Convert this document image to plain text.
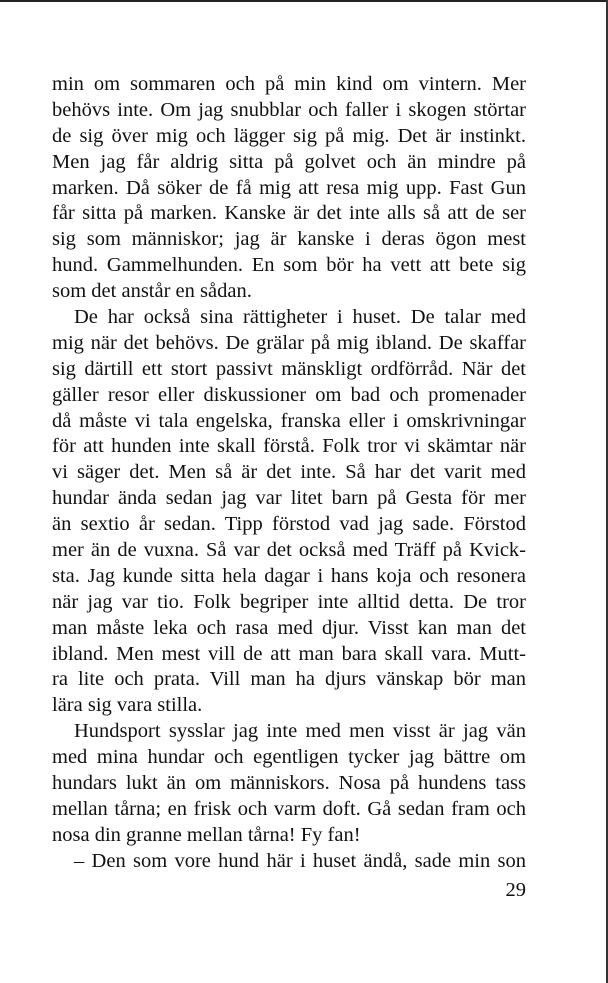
min om sommaren och på min kind om vintern. Mer
behövs inte. Om jag snubblar och faller i skogen störtar
de sig över mig och lägger sig på mig. Det är instinkt.
Men jag får aldrig sitta på golvet och än mindre på
marken. Då söker de få mig att resa mig upp. Fast Gun
får sitta på marken. Kanske är det inte alls så att de ser
sig som människor; jag är kanske i deras ögon mest
hund. Gammelhunden. En som bör ha vett att bete sig
som det anstår en sådan.
De har också sina rättigheter i huset. De talar med
mig när det behövs. De grälar på mig ibland. De skaffar
sig därtill ett stort passivt mänskligt ordförråd. När det
gäller resor eller diskussioner om bad och promenader
då måste vi tala engelska, franska eller i omskrivningar
för att hunden inte skall förstå. Folk tror vi skämtar när
vi säger det. Men så är det inte. Så har det varit med
hundar ända sedan jag var litet barn på Gesta för mer
än sextio år sedan. Tipp förstod vad jag sade. Förstod
mer än de vuxna. Så var det också med Träff på Kvick-
sta. Jag kunde sitta hela dagar i hans koja och resonera
när jag var tio. Folk begriper inte alltid detta. De tror
man måste leka och rasa med djur. Visst kan man det
ibland. Men mest vill de att man bara skall vara. Mutt-
ra lite och prata. Vill man ha djurs vänskap bör man
lära sig vara stilla.
Hundsport sysslar jag inte med men visst är jag vän
med mina hundar och egentligen tycker jag bättre om
hundars lukt än om människors. Nosa på hundens tass
mellan tårna; en frisk och varm doft. Gå sedan fram och
nosa din granne mellan tårna! Fy fan!
– Den som vore hund här i huset ändå, sade min son
29
